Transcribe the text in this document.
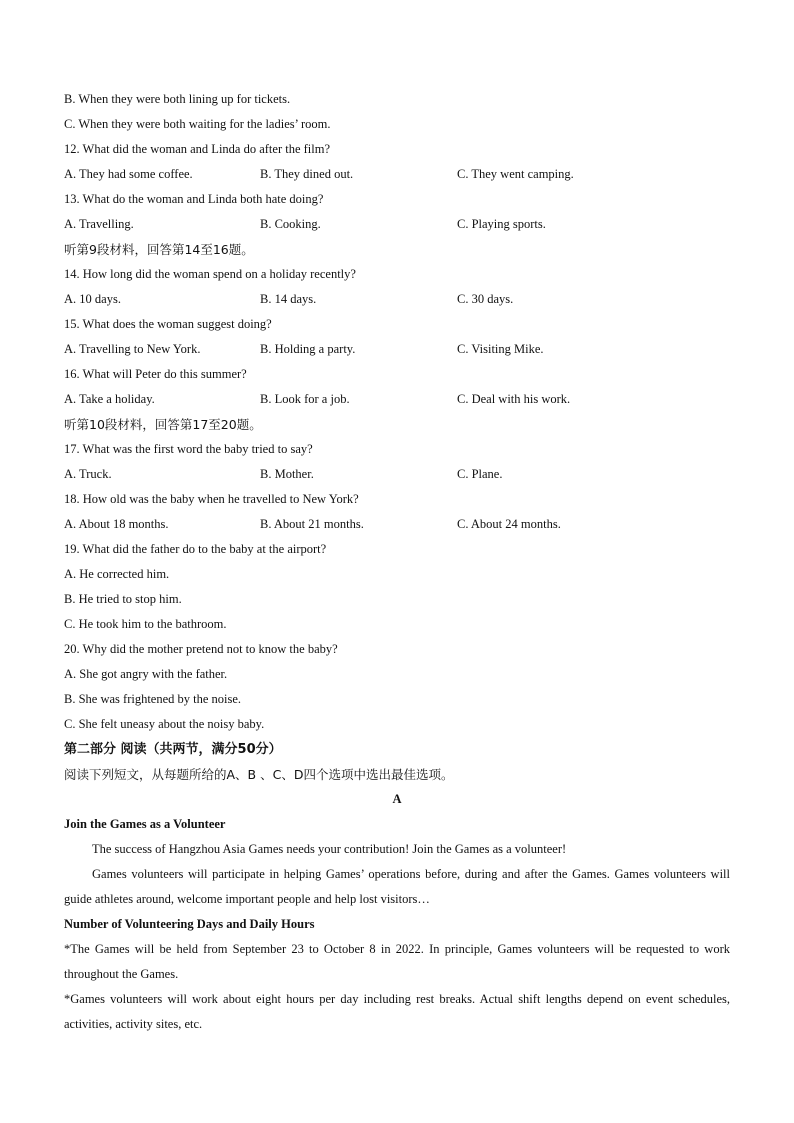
B. When they were both lining up for tickets.
C. When they were both waiting for the ladies’ room.
12. What did the woman and Linda do after the film?
A. They had some coffee.	B. They dined out.	C. They went camping.
13. What do the woman and Linda both hate doing?
A. Travelling.	B. Cooking.	C. Playing sports.
听第9段材料，回答第14至16题。
14. How long did the woman spend on a holiday recently?
A. 10 days.	B. 14 days.	C. 30 days.
15. What does the woman suggest doing?
A. Travelling to New York.	B. Holding a party.	C. Visiting Mike.
16. What will Peter do this summer?
A. Take a holiday.	B. Look for a job.	C. Deal with his work.
听第10段材料，回答第17至20题。
17. What was the first word the baby tried to say?
A. Truck.	B. Mother.	C. Plane.
18. How old was the baby when he travelled to New York?
A. About 18 months.	B. About 21 months.	C. About 24 months.
19. What did the father do to the baby at the airport?
A. He corrected him.
B. He tried to stop him.
C. He took him to the bathroom.
20. Why did the mother pretend not to know the baby?
A. She got angry with the father.
B. She was frightened by the noise.
C. She felt uneasy about the noisy baby.
第二部分 阅读（共两节，满分50分）
阅读下列短文，从每题所给的A、B 、C、D四个选项中选出最佳选项。
A
Join the Games as a Volunteer
The success of Hangzhou Asia Games needs your contribution! Join the Games as a volunteer!
Games volunteers will participate in helping Games’ operations before, during and after the Games. Games volunteers will guide athletes around, welcome important people and help lost visitors…
Number of Volunteering Days and Daily Hours
*The Games will be held from September 23 to October 8 in 2022. In principle, Games volunteers will be requested to work throughout the Games.
*Games volunteers will work about eight hours per day including rest breaks. Actual shift lengths depend on event schedules, activities, activity sites, etc.
